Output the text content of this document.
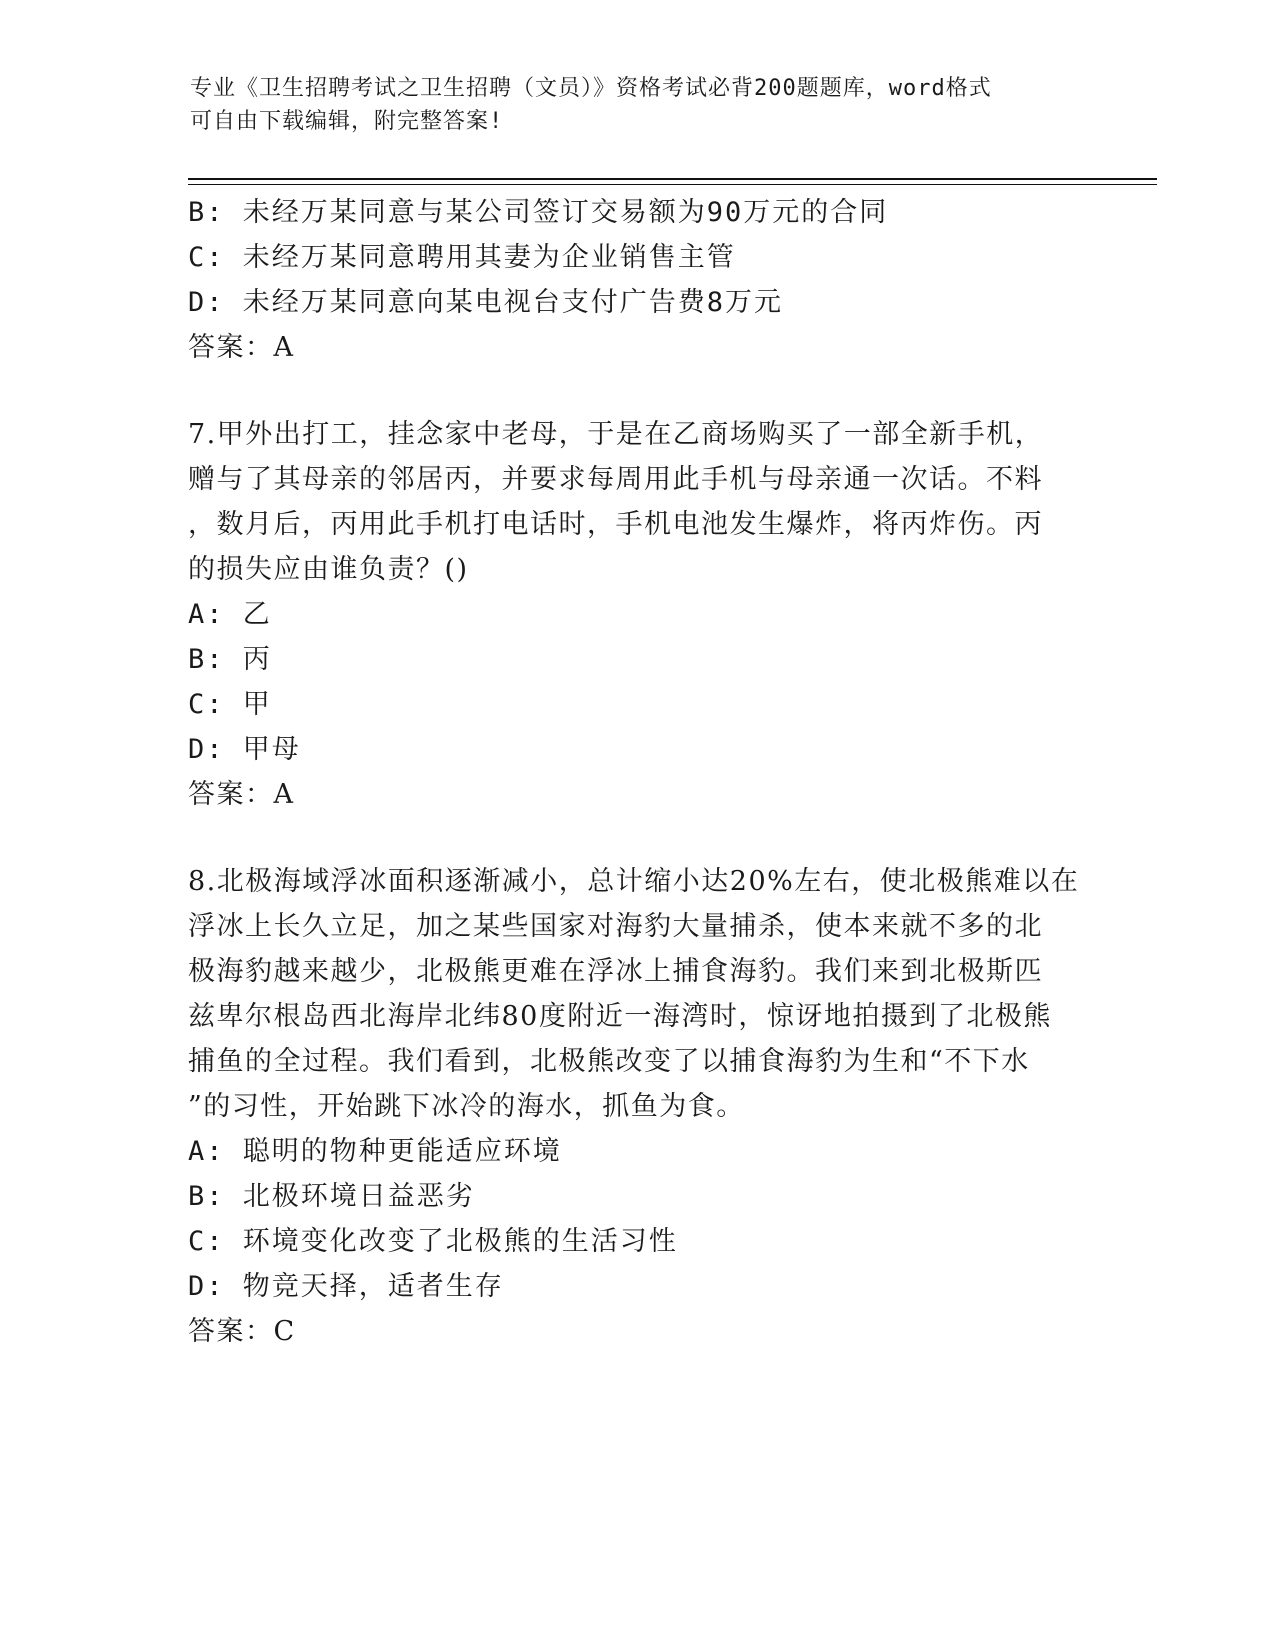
专业《卫生招聘考试之卫生招聘（文员）》资格考试必背200题题库，word格式
可自由下载编辑，附完整答案!
B: 未经万某同意与某公司签订交易额为90万元的合同
C: 未经万某同意聘用其妻为企业销售主管
D: 未经万某同意向某电视台支付广告费8万元
答案：A
7.甲外出打工，挂念家中老母，于是在乙商场购买了一部全新手机，
赠与了其母亲的邻居丙，并要求每周用此手机与母亲通一次话。不料
，数月后，丙用此手机打电话时，手机电池发生爆炸，将丙炸伤。丙
的损失应由谁负责？()
A: 乙
B: 丙
C: 甲
D: 甲母
答案：A
8.北极海域浮冰面积逐渐减小，总计缩小达20%左右，使北极熊难以在
浮冰上长久立足，加之某些国家对海豹大量捕杀，使本来就不多的北
极海豹越来越少，北极熊更难在浮冰上捕食海豹。我们来到北极斯匹
兹卑尔根岛西北海岸北纬80度附近一海湾时，惊讶地拍摄到了北极熊
捕鱼的全过程。我们看到，北极熊改变了以捕食海豹为生和“不下水
”的习性，开始跳下冰冷的海水，抓鱼为食。
A: 聪明的物种更能适应环境
B: 北极环境日益恶劣
C: 环境变化改变了北极熊的生活习性
D: 物竞天择，适者生存
答案：C
